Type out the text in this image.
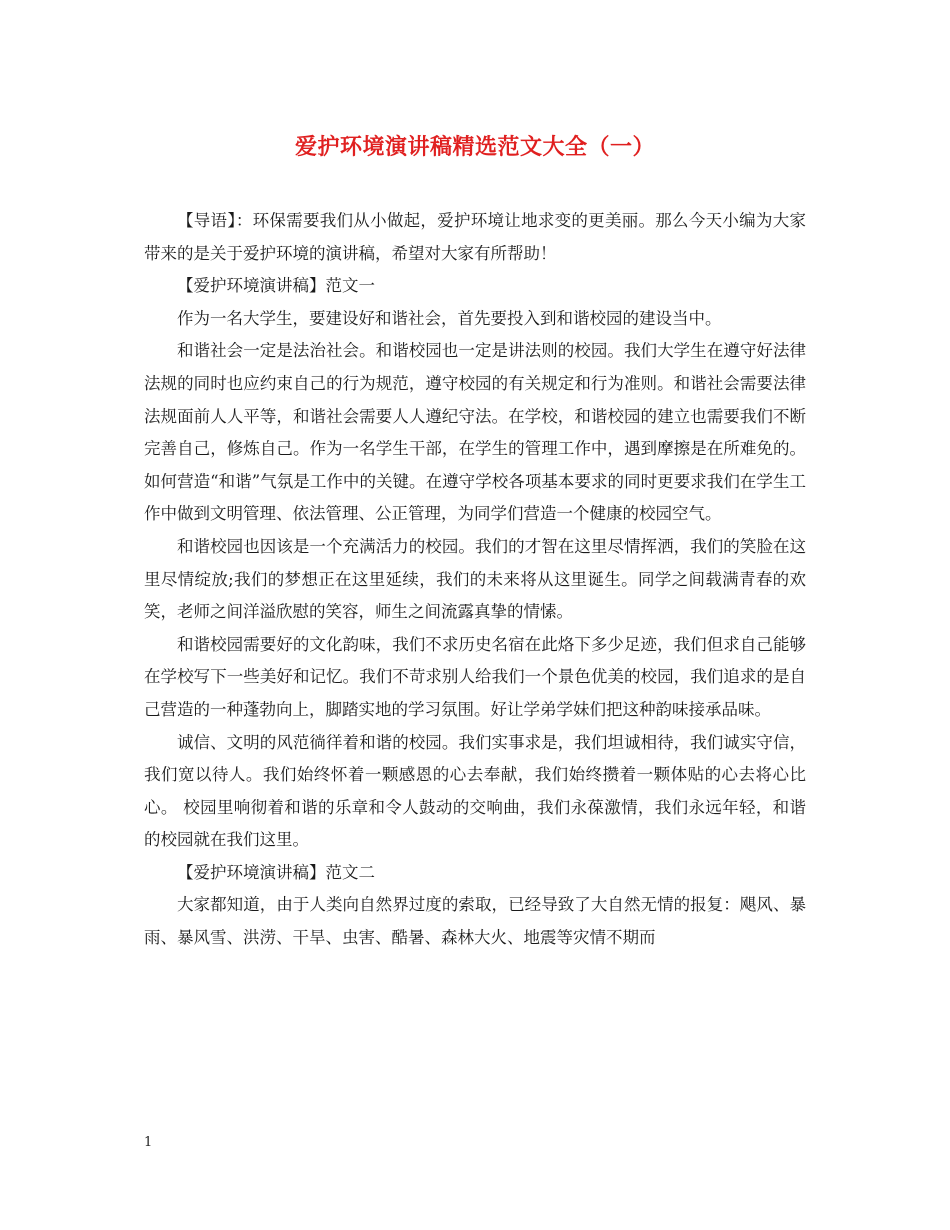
爱护环境演讲稿精选范文大全（一）

【导语】：环保需要我们从小做起，爱护环境让地求变的更美丽。那么今天小编为大家带来的是关于爱护环境的演讲稿，希望对大家有所帮助！

【爱护环境演讲稿】范文一

作为一名大学生，要建设好和谐社会，首先要投入到和谐校园的建设当中。

和谐社会一定是法治社会。和谐校园也一定是讲法则的校园。我们大学生在遵守好法律法规的同时也应约束自己的行为规范，遵守校园的有关规定和行为准则。和谐社会需要法律法规面前人人平等，和谐社会需要人人遵纪守法。在学校，和谐校园的建立也需要我们不断完善自己，修炼自己。作为一名学生干部，在学生的管理工作中，遇到摩擦是在所难免的。如何营造“和谐”气氛是工作中的关键。在遵守学校各项基本要求的同时更要求我们在学生工作中做到文明管理、依法管理、公正管理，为同学们营造一个健康的校园空气。

和谐校园也因该是一个充满活力的校园。我们的才智在这里尽情挥洒，我们的笑脸在这里尽情绽放;我们的梦想正在这里延续，我们的未来将从这里诞生。同学之间载满青春的欢笑，老师之间洋溢欣慰的笑容，师生之间流露真挚的情愫。

和谐校园需要好的文化韵味，我们不求历史名宿在此烙下多少足迹，我们但求自己能够在学校写下一些美好和记忆。我们不苛求别人给我们一个景色优美的校园，我们追求的是自己营造的一种蓬勃向上，脚踏实地的学习氛围。好让学弟学妹们把这种韵味接承品味。

诚信、文明的风范徜徉着和谐的校园。我们实事求是，我们坦诚相待，我们诚实守信，我们宽以待人。我们始终怀着一颗感恩的心去奉献，我们始终攒着一颗体贴的心去将心比心。 校园里响彻着和谐的乐章和令人鼓动的交响曲，我们永葆激情，我们永远年轻，和谐的校园就在我们这里。

【爱护环境演讲稿】范文二

大家都知道，由于人类向自然界过度的索取，已经导致了大自然无情的报复：飓风、暴雨、暴风雪、洪涝、干旱、虫害、酷暑、森林大火、地震等灾情不期而

1
